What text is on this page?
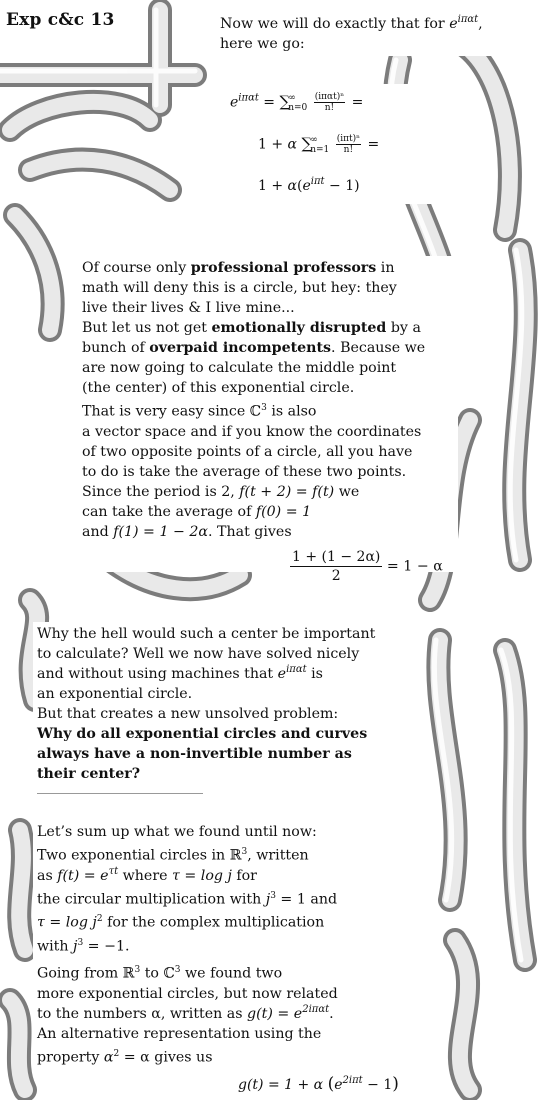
Exp c&c 13	Now we will do exactly that for $e^{i\pi\alpha t}$,
here we go:
$e^{i\pi\alpha t}$ = ∑
∞
n=0
$\frac{\text{(iπαt)ⁿ}}{n!}$ =
1 + α ∑
∞
n=1
$\frac{\text{(iπt)ⁿ}}{n!}$ =
$1 + \alpha(e^{i\pi t} - 1)$
Of course only professional professors in
math will deny this is a circle, but hey: they
live their lives & I live mine...
But let us not get emotionally disrupted by a
bunch of overpaid incompetents. Because we
are now going to calculate the middle point
(the center) of this exponential circle.
That is very easy since ℂ$^3$ is also
a vector space and if you know the coordinates
of two opposite points of a circle, all you have
to do is take the average of these two points.
Since the period is 2, f(t + 2) = f(t) we
can take the average of f(0) = 1
and f(1) = 1 − 2α. That gives
$\frac{1 + (1 - 2\alpha)}{2} = 1 - \alpha$
Why the hell would such a center be important
to calculate? Well we now have solved nicely
and without using machines that $e^{i\pi\alpha t}$ is
an exponential circle.
But that creates a new unsolved problem:
Why do all exponential circles and curves
always have a non-invertible number as
their center?
Let’s sum up what we found until now:
Two exponential circles in ℝ$^3$, written
as $f(t) = e^{\tau t}$ where τ = log j for
the circular multiplication with $j^3 = 1$ and
$\tau = \log j^2$ for the complex multiplication
with $j^3 = -1$.
Going from ℝ$^3$ to ℂ$^3$ we found two
more exponential circles, but now related
to the numbers α, written as $g(t) = e^{2i\pi\alpha t}$.
An alternative representation using the
property $\alpha^2 = \alpha$ gives us
g(t) = 1 + α $(e^{2i\pi t} - 1)$
